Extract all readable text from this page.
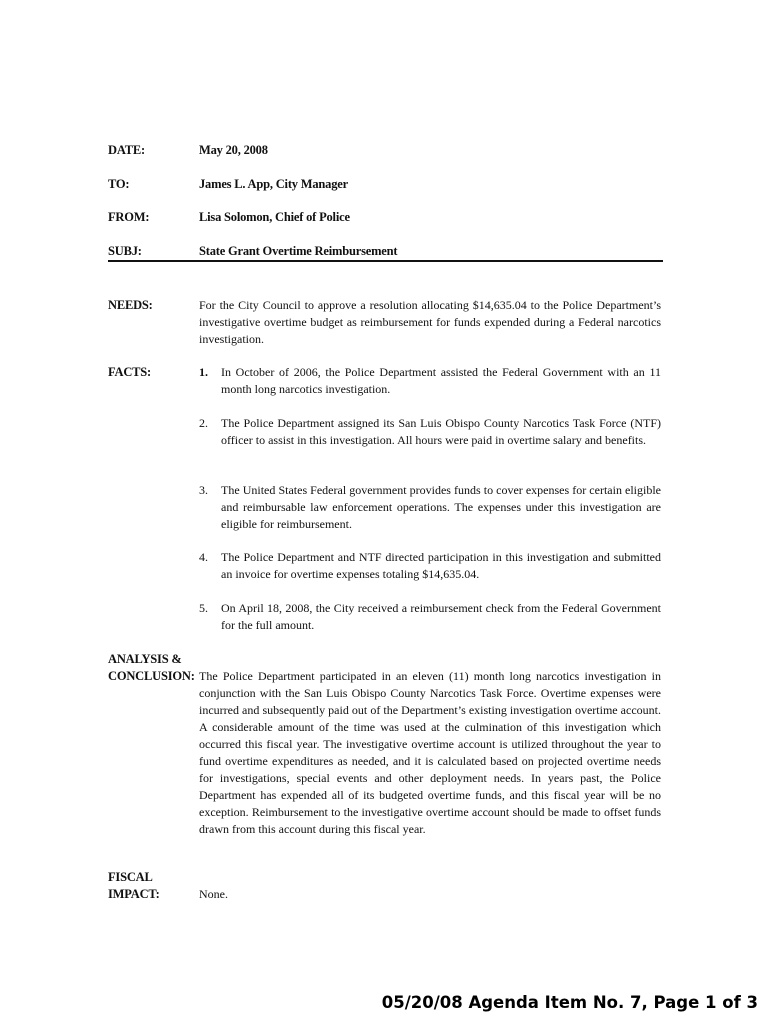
DATE:	May 20, 2008
TO:	James L. App, City Manager
FROM:	Lisa Solomon, Chief of Police
SUBJ:	State Grant Overtime Reimbursement
NEEDS:	For the City Council to approve a resolution allocating $14,635.04 to the Police Department’s investigative overtime budget as reimbursement for funds expended during a Federal narcotics investigation.
FACTS:	1.	In October of 2006, the Police Department assisted the Federal Government with an 11 month long narcotics investigation.
2.	The Police Department assigned its San Luis Obispo County Narcotics Task Force (NTF) officer to assist in this investigation. All hours were paid in overtime salary and benefits.
3.	The United States Federal government provides funds to cover expenses for certain eligible and reimbursable law enforcement operations. The expenses under this investigation are eligible for reimbursement.
4.	The Police Department and NTF directed participation in this investigation and submitted an invoice for overtime expenses totaling $14,635.04.
5.	On April 18, 2008, the City received a reimbursement check from the Federal Government for the full amount.
ANALYSIS &
CONCLUSION: The Police Department participated in an eleven (11) month long narcotics investigation in conjunction with the San Luis Obispo County Narcotics Task Force. Overtime expenses were incurred and subsequently paid out of the Department’s existing investigation overtime account. A considerable amount of the time was used at the culmination of this investigation which occurred this fiscal year. The investigative overtime account is utilized throughout the year to fund overtime expenditures as needed, and it is calculated based on projected overtime needs for investigations, special events and other deployment needs. In years past, the Police Department has expended all of its budgeted overtime funds, and this fiscal year will be no exception. Reimbursement to the investigative overtime account should be made to offset funds drawn from this account during this fiscal year.
FISCAL
IMPACT:	None.
05/20/08 Agenda Item No. 7, Page 1 of 3
